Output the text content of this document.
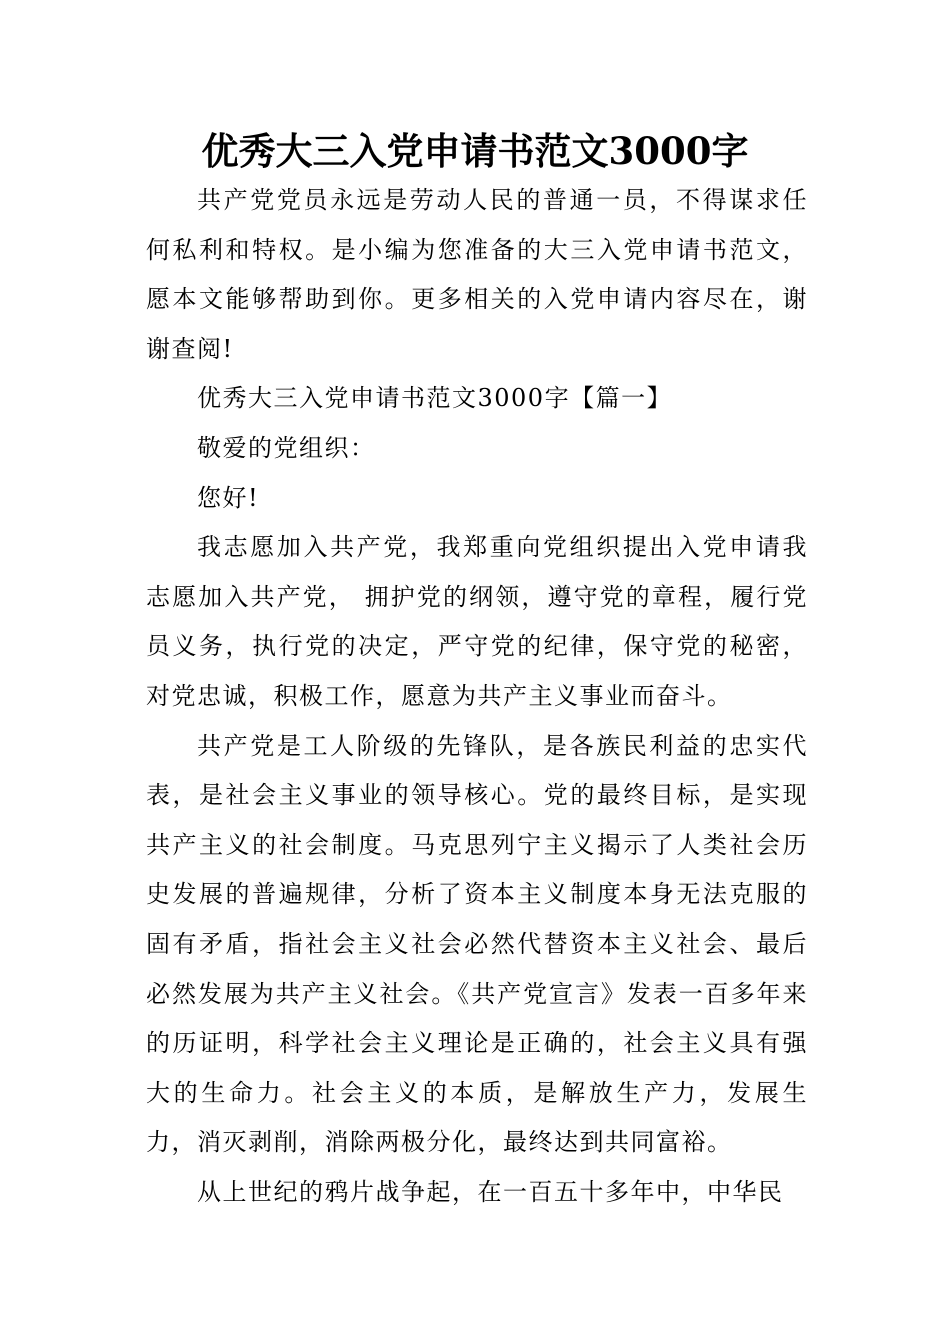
优秀大三入党申请书范文3000字

共产党党员永远是劳动人民的普通一员，不得谋求任何私利和特权。是小编为您准备的大三入党申请书范文，愿本文能够帮助到你。更多相关的入党申请内容尽在，谢谢查阅!

优秀大三入党申请书范文3000字【篇一】

敬爱的党组织：

您好!

我志愿加入共产党，我郑重向党组织提出入党申请我志愿加入共产党， 拥护党的纲领，遵守党的章程，履行党员义务，执行党的决定，严守党的纪律，保守党的秘密，对党忠诚，积极工作，愿意为共产主义事业而奋斗。

共产党是工人阶级的先锋队，是各族民利益的忠实代表，是社会主义事业的领导核心。党的最终目标，是实现共产主义的社会制度。马克思列宁主义揭示了人类社会历史发展的普遍规律，分析了资本主义制度本身无法克服的固有矛盾，指社会主义社会必然代替资本主义社会、最后必然发展为共产主义社会。《共产党宣言》发表一百多年来的历证明，科学社会主义理论是正确的，社会主义具有强大的生命力。社会主义的本质，是解放生产力，发展生力，消灭剥削，消除两极分化，最终达到共同富裕。

从上世纪的鸦片战争起，在一百五十多年中，中华民
